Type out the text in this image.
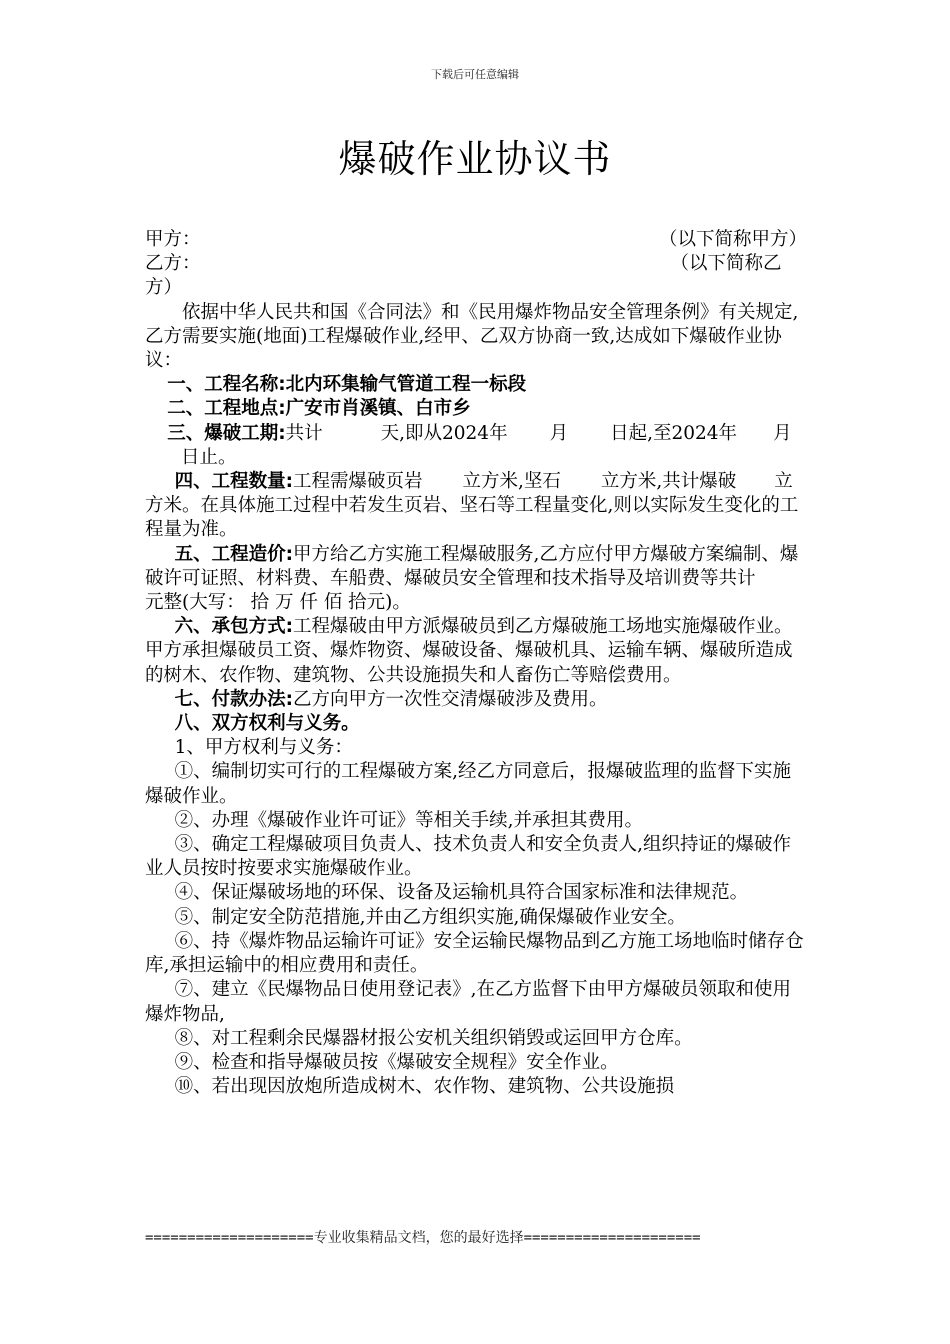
下载后可任意编辑
爆破作业协议书
甲方：	（以下简称甲方）
乙方：	（以下简称乙方）

依据中华人民共和国《合同法》和《民用爆炸物品安全管理条例》有关规定,乙方需要实施(地面)工程爆破作业,经甲、乙双方协商一致,达成如下爆破作业协议：

一、工程名称:北内环集输气管道工程一标段

二、工程地点:广安市肖溪镇、白市乡

三、爆破工期:共计	天,即从2024年 月 日起,至2024年 月日止。

四、工程数量:工程需爆破页岩 立方米,坚石 立方米,共计爆破 立方米。在具体施工过程中若发生页岩、坚石等工程量变化,则以实际发生变化的工程量为准。

五、工程造价:甲方给乙方实施工程爆破服务,乙方应付甲方爆破方案编制、爆破许可证照、材料费、车船费、爆破员安全管理和技术指导及培训费等共计元整(大写： 拾 万 仟 佰 拾元)。

六、承包方式:工程爆破由甲方派爆破员到乙方爆破施工场地实施爆破作业。甲方承担爆破员工资、爆炸物资、爆破设备、爆破机具、运输车辆、爆破所造成的树木、农作物、建筑物、公共设施损失和人畜伤亡等赔偿费用。

七、付款办法:乙方向甲方一次性交清爆破涉及费用。

八、双方权利与义务。

1、甲方权利与义务：

①、编制切实可行的工程爆破方案,经乙方同意后，报爆破监理的监督下实施爆破作业。

②、办理《爆破作业许可证》等相关手续,并承担其费用。

③、确定工程爆破项目负责人、技术负责人和安全负责人,组织持证的爆破作业人员按时按要求实施爆破作业。

④、保证爆破场地的环保、设备及运输机具符合国家标准和法律规范。

⑤、制定安全防范措施,并由乙方组织实施,确保爆破作业安全。

⑥、持《爆炸物品运输许可证》安全运输民爆物品到乙方施工场地临时储存仓库,承担运输中的相应费用和责任。

⑦、建立《民爆物品日使用登记表》,在乙方监督下由甲方爆破员领取和使用爆炸物品,

⑧、对工程剩余民爆器材报公安机关组织销毁或运回甲方仓库。

⑨、检查和指导爆破员按《爆破安全规程》安全作业。

⑩、若出现因放炮所造成树木、农作物、建筑物、公共设施损

====================专业收集精品文档，您的最好选择=====================
